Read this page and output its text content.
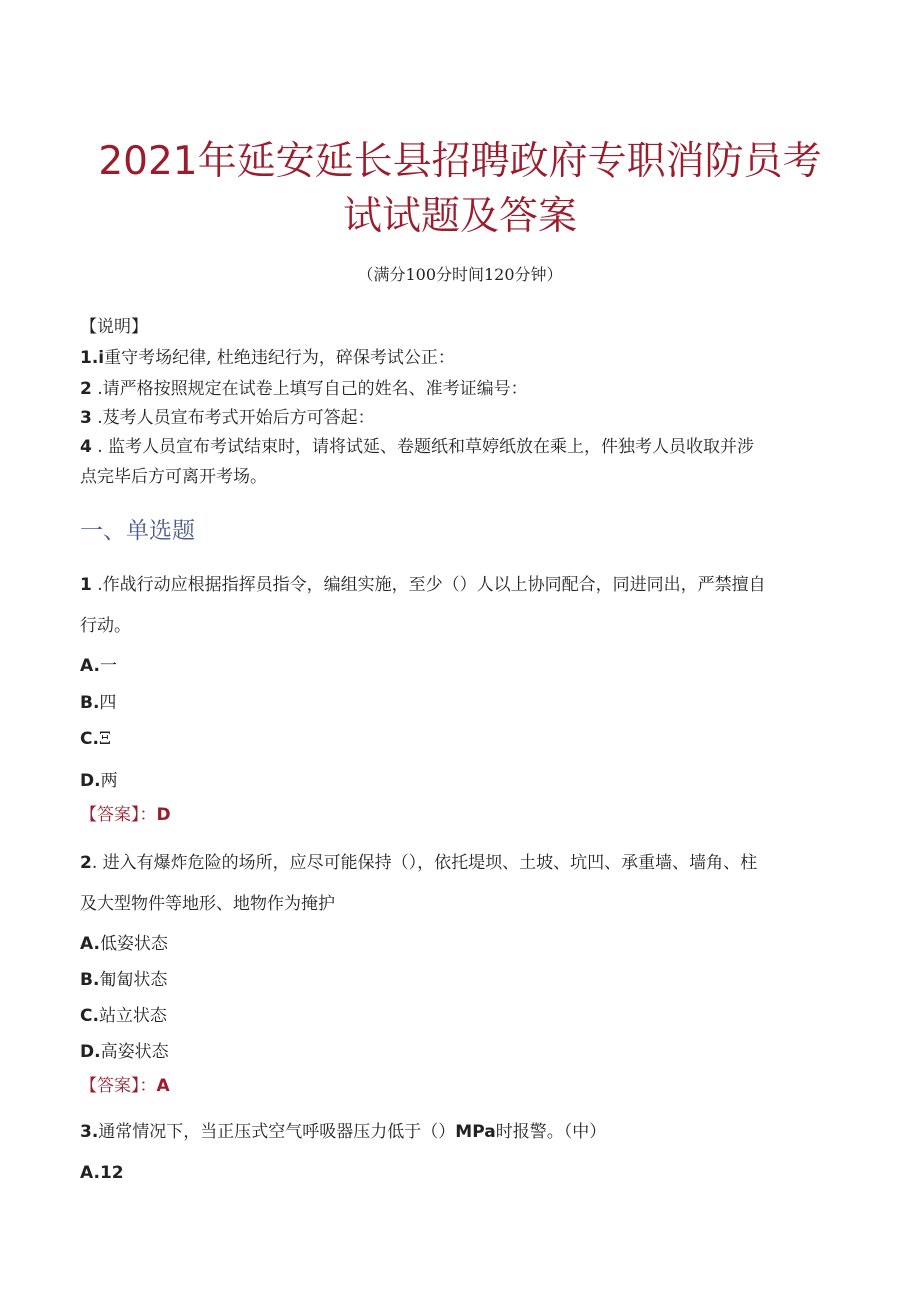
2021年延安延长县招聘政府专职消防员考
试试题及答案
（满分100分时间120分钟）
【说明】
1.i重守考场纪律, 杜绝违纪行为，碎保考试公正：
2 .请严格按照规定在试卷上填写自己的姓名、准考证编号：
3 .芨考人员宣布考式开始后方可答起：
4 . 监考人员宣布考试结束时，请将试延、卷题纸和草婷纸放在乘上，件独考人员收取并涉
点完毕后方可离开考场。
一、单选题
1 .作战行动应根据指挥员指令，编组实施，至少（）人以上协同配合，同进同出，严禁擅自
行动。
A.一
B.四
C.Ξ
D.两
【答案】：D
2. 进入有爆炸危险的场所，应尽可能保持（），依托堤坝、土坡、坑凹、承重墙、墙角、柱
及大型物件等地形、地物作为掩护
A.低姿状态
B.匍匐状态
C.站立状态
D.高姿状态
【答案】：A
3.通常情况下，当正压式空气呼吸器压力低于（）MPa时报警。（中）
A.12
